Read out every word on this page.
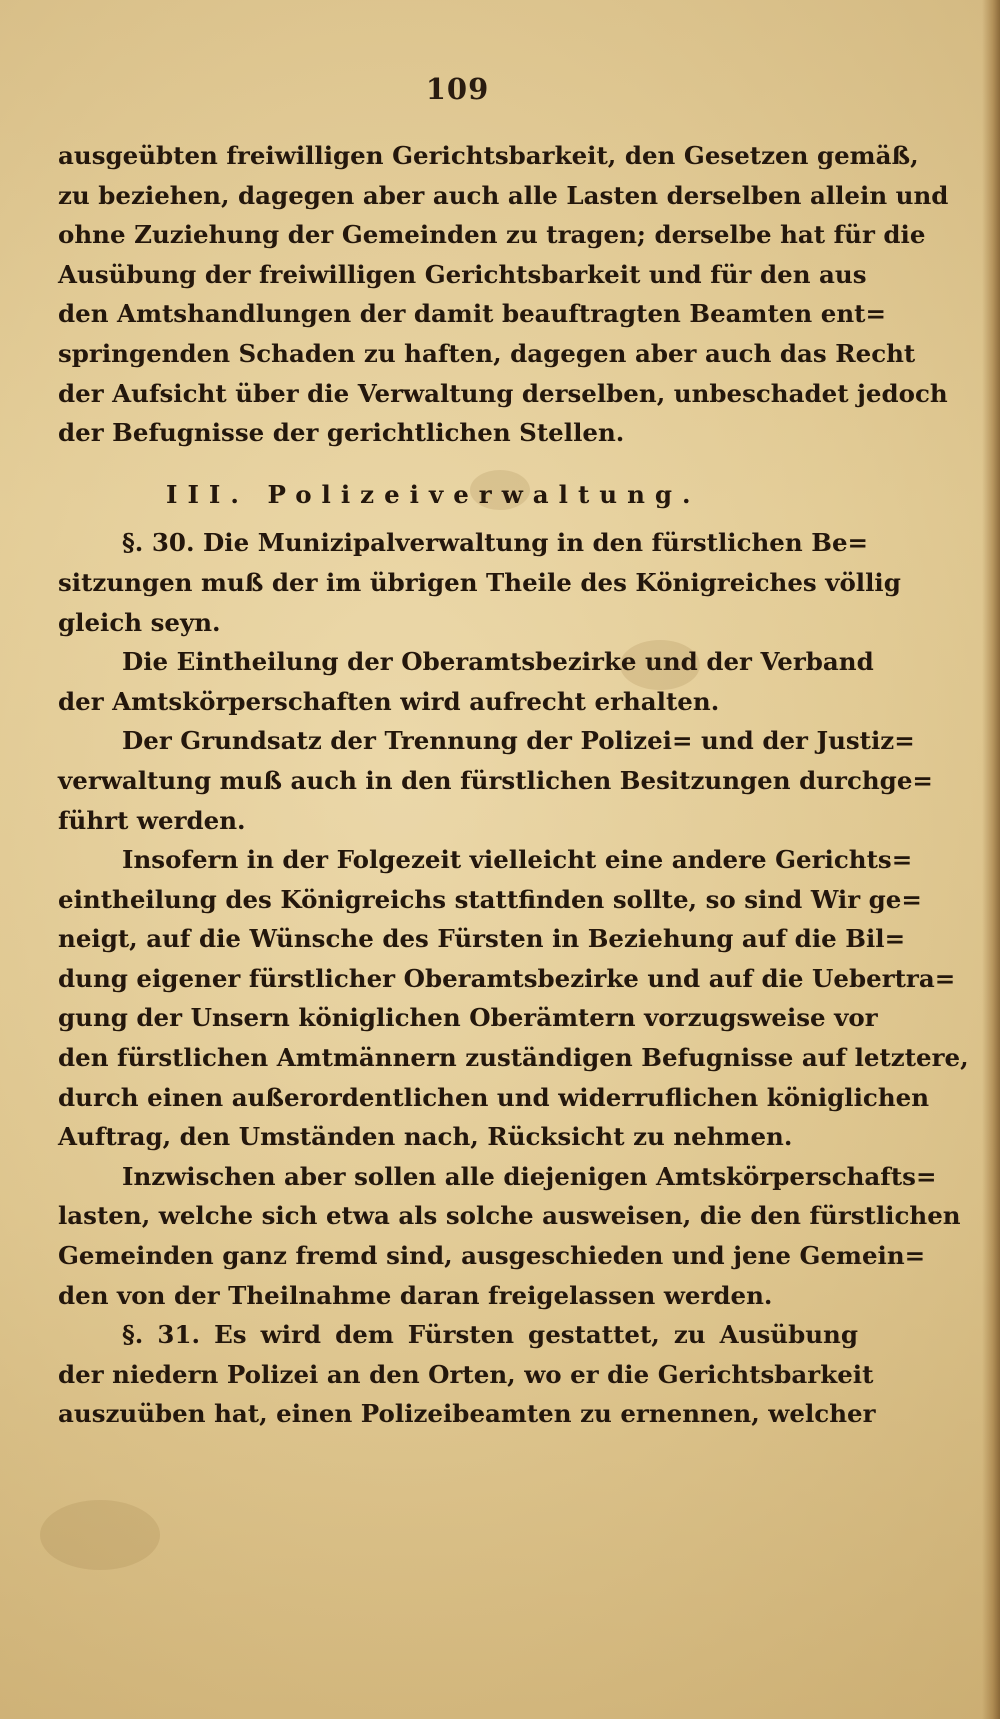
109
ausgeübten freiwilligen Gerichtsbarkeit, den Gesetzen gemäß,
zu beziehen, dagegen aber auch alle Lasten derselben allein und
ohne Zuziehung der Gemeinden zu tragen; derselbe hat für die
Ausübung der freiwilligen Gerichtsbarkeit und für den aus
den Amtshandlungen der damit beauftragten Beamten ent=
springenden Schaden zu haften, dagegen aber auch das Recht
der Aufsicht über die Verwaltung derselben, unbeschadet jedoch
der Befugnisse der gerichtlichen Stellen.
III. Polizeiverwaltung.
§. 30. Die Munizipalverwaltung in den fürstlichen Be=
sitzungen muß der im übrigen Theile des Königreiches völlig
gleich seyn.
Die Eintheilung der Oberamtsbezirke und der Verband
der Amtskörperschaften wird aufrecht erhalten.
Der Grundsatz der Trennung der Polizei= und der Justiz=
verwaltung muß auch in den fürstlichen Besitzungen durchge=
führt werden.
Insofern in der Folgezeit vielleicht eine andere Gerichts=
eintheilung des Königreichs stattfinden sollte, so sind Wir ge=
neigt, auf die Wünsche des Fürsten in Beziehung auf die Bil=
dung eigener fürstlicher Oberamtsbezirke und auf die Uebertra=
gung der Unsern königlichen Oberämtern vorzugsweise vor
den fürstlichen Amtmännern zuständigen Befugnisse auf letztere,
durch einen außerordentlichen und widerruflichen königlichen
Auftrag, den Umständen nach, Rücksicht zu nehmen.
Inzwischen aber sollen alle diejenigen Amtskörperschafts=
lasten, welche sich etwa als solche ausweisen, die den fürstlichen
Gemeinden ganz fremd sind, ausgeschieden und jene Gemein=
den von der Theilnahme daran freigelassen werden.
§. 31. Es wird dem Fürsten gestattet, zu Ausübung
der niedern Polizei an den Orten, wo er die Gerichtsbarkeit
auszuüben hat, einen Polizeibeamten zu ernennen, welcher
